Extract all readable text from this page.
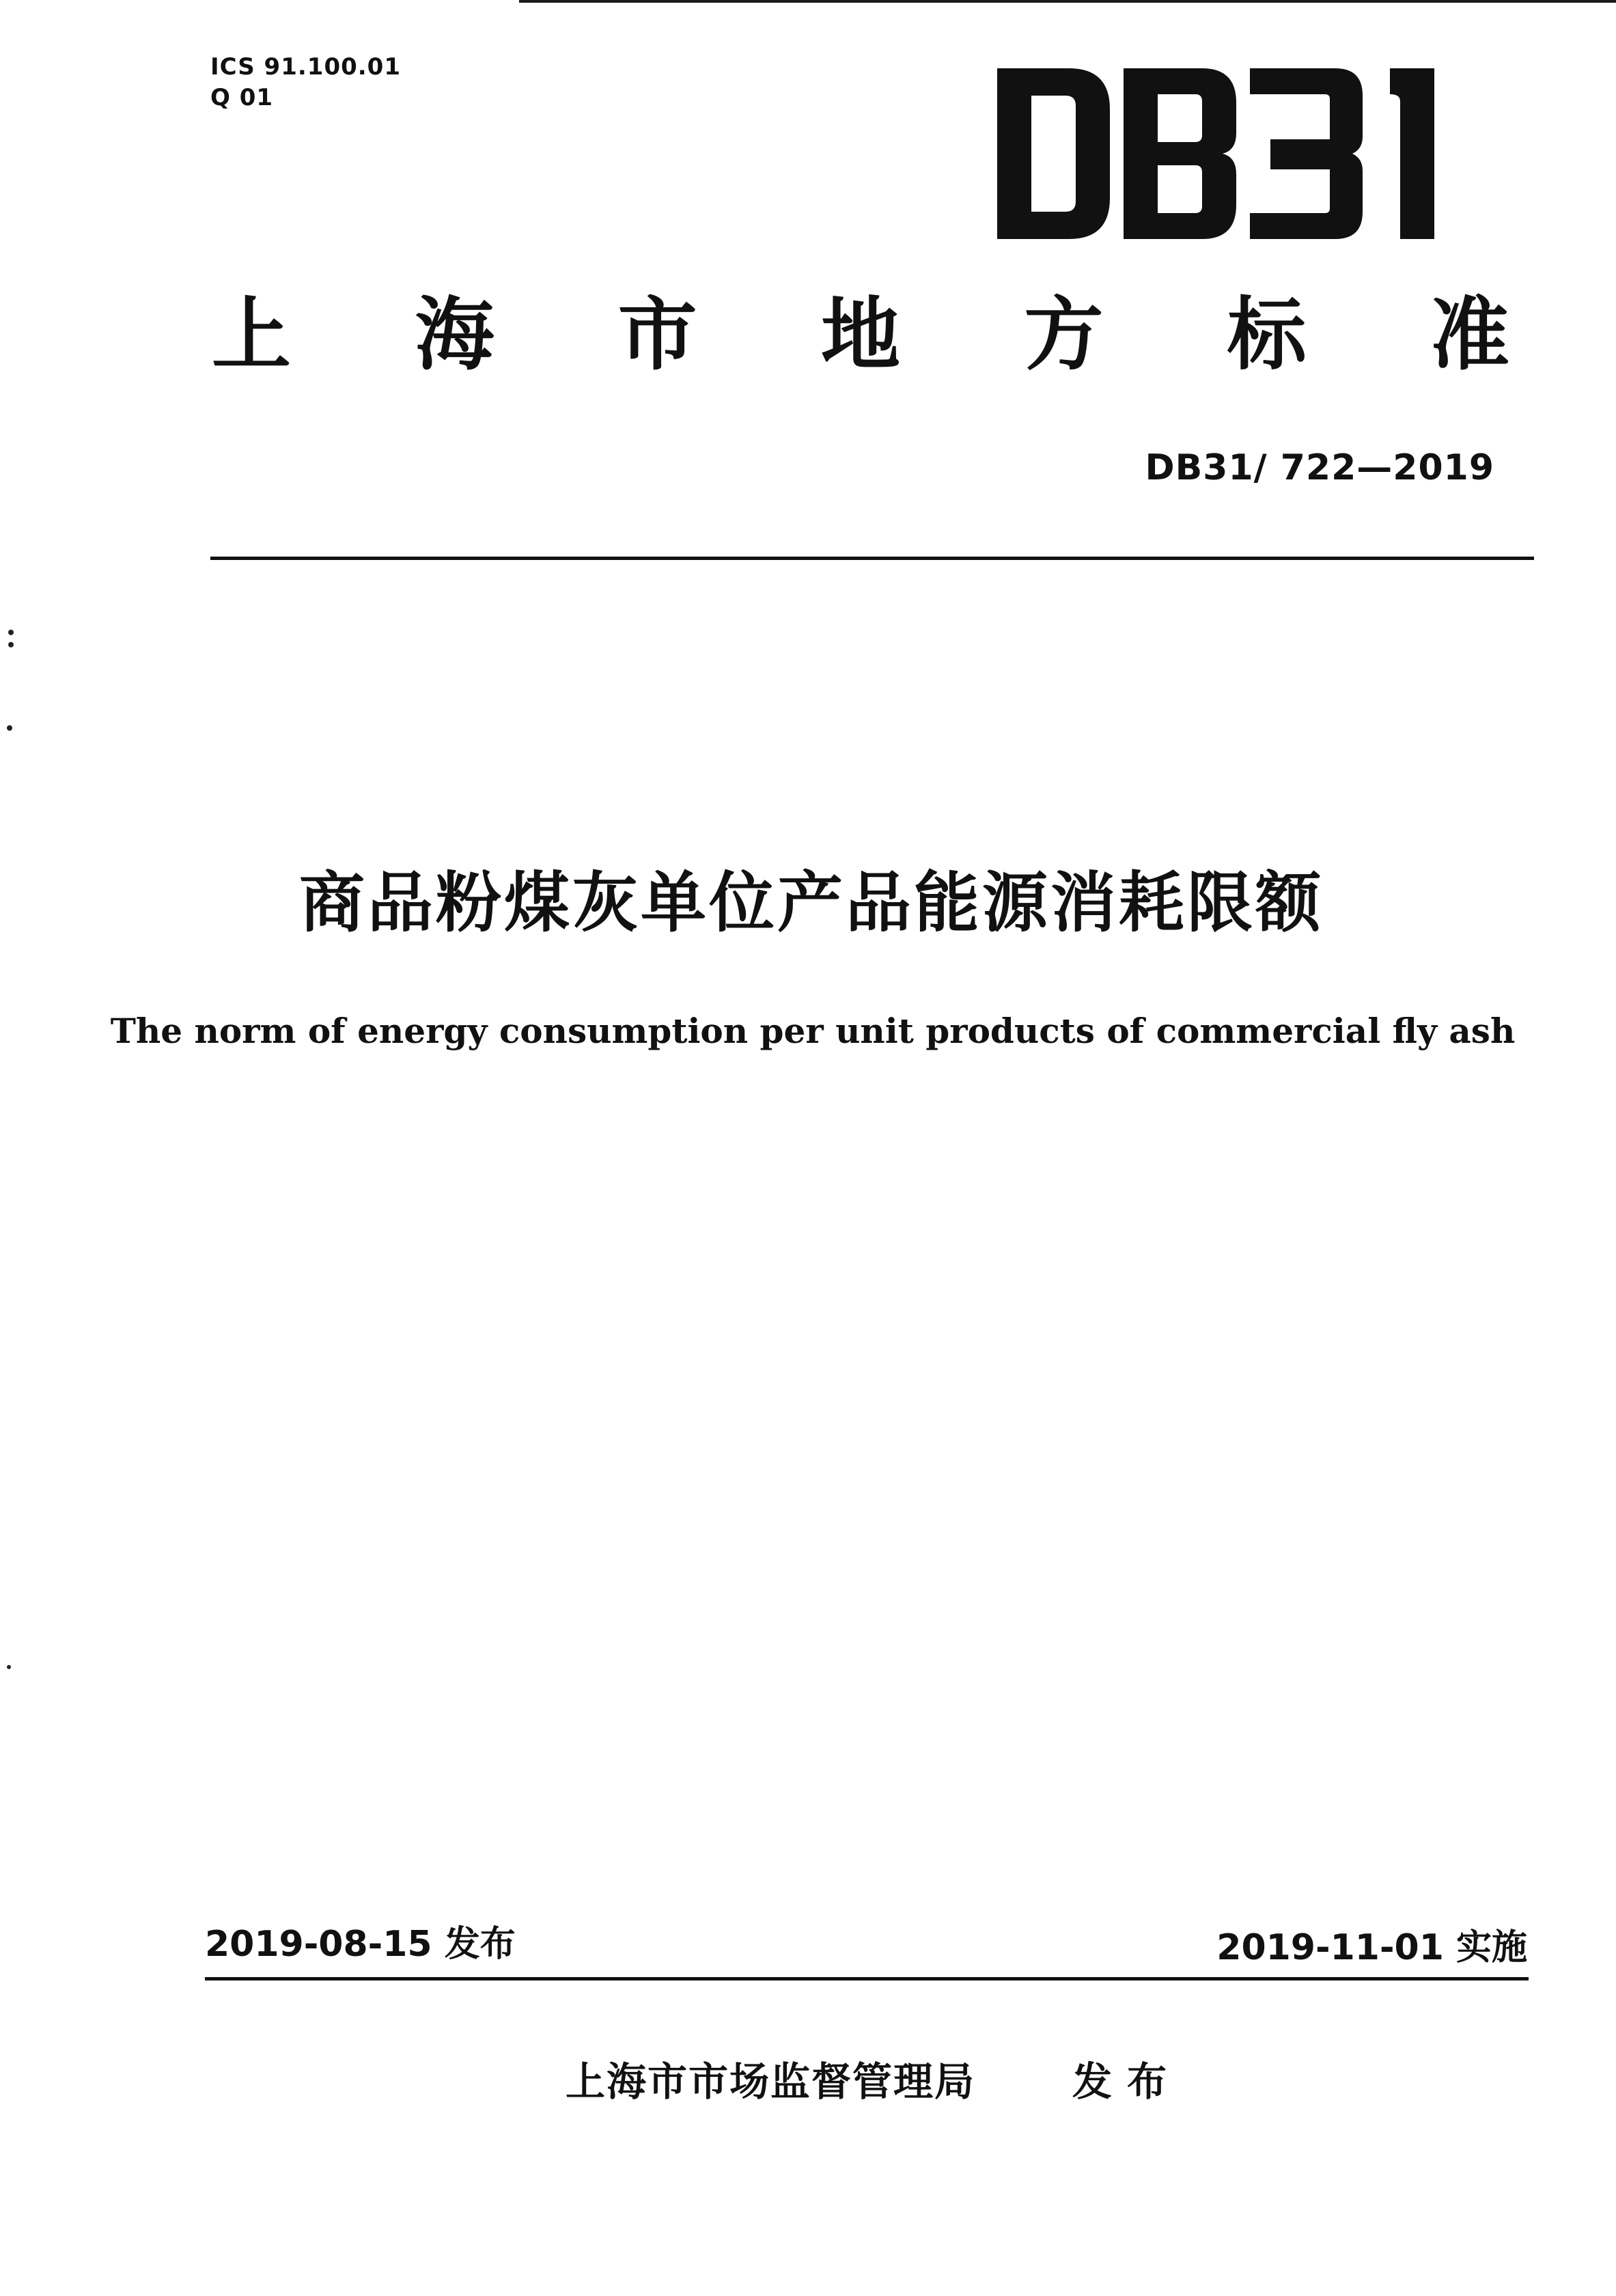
ICS 91.100.01
Q 01
上 海 市 地 方 标 准
DB31/ 722—2019
商品粉煤灰单位产品能源消耗限额
The norm of energy consumption per unit products of commercial fly ash
2019-08-15 发布	2019-11-01 实施
上海市市场监督管理局 发布
